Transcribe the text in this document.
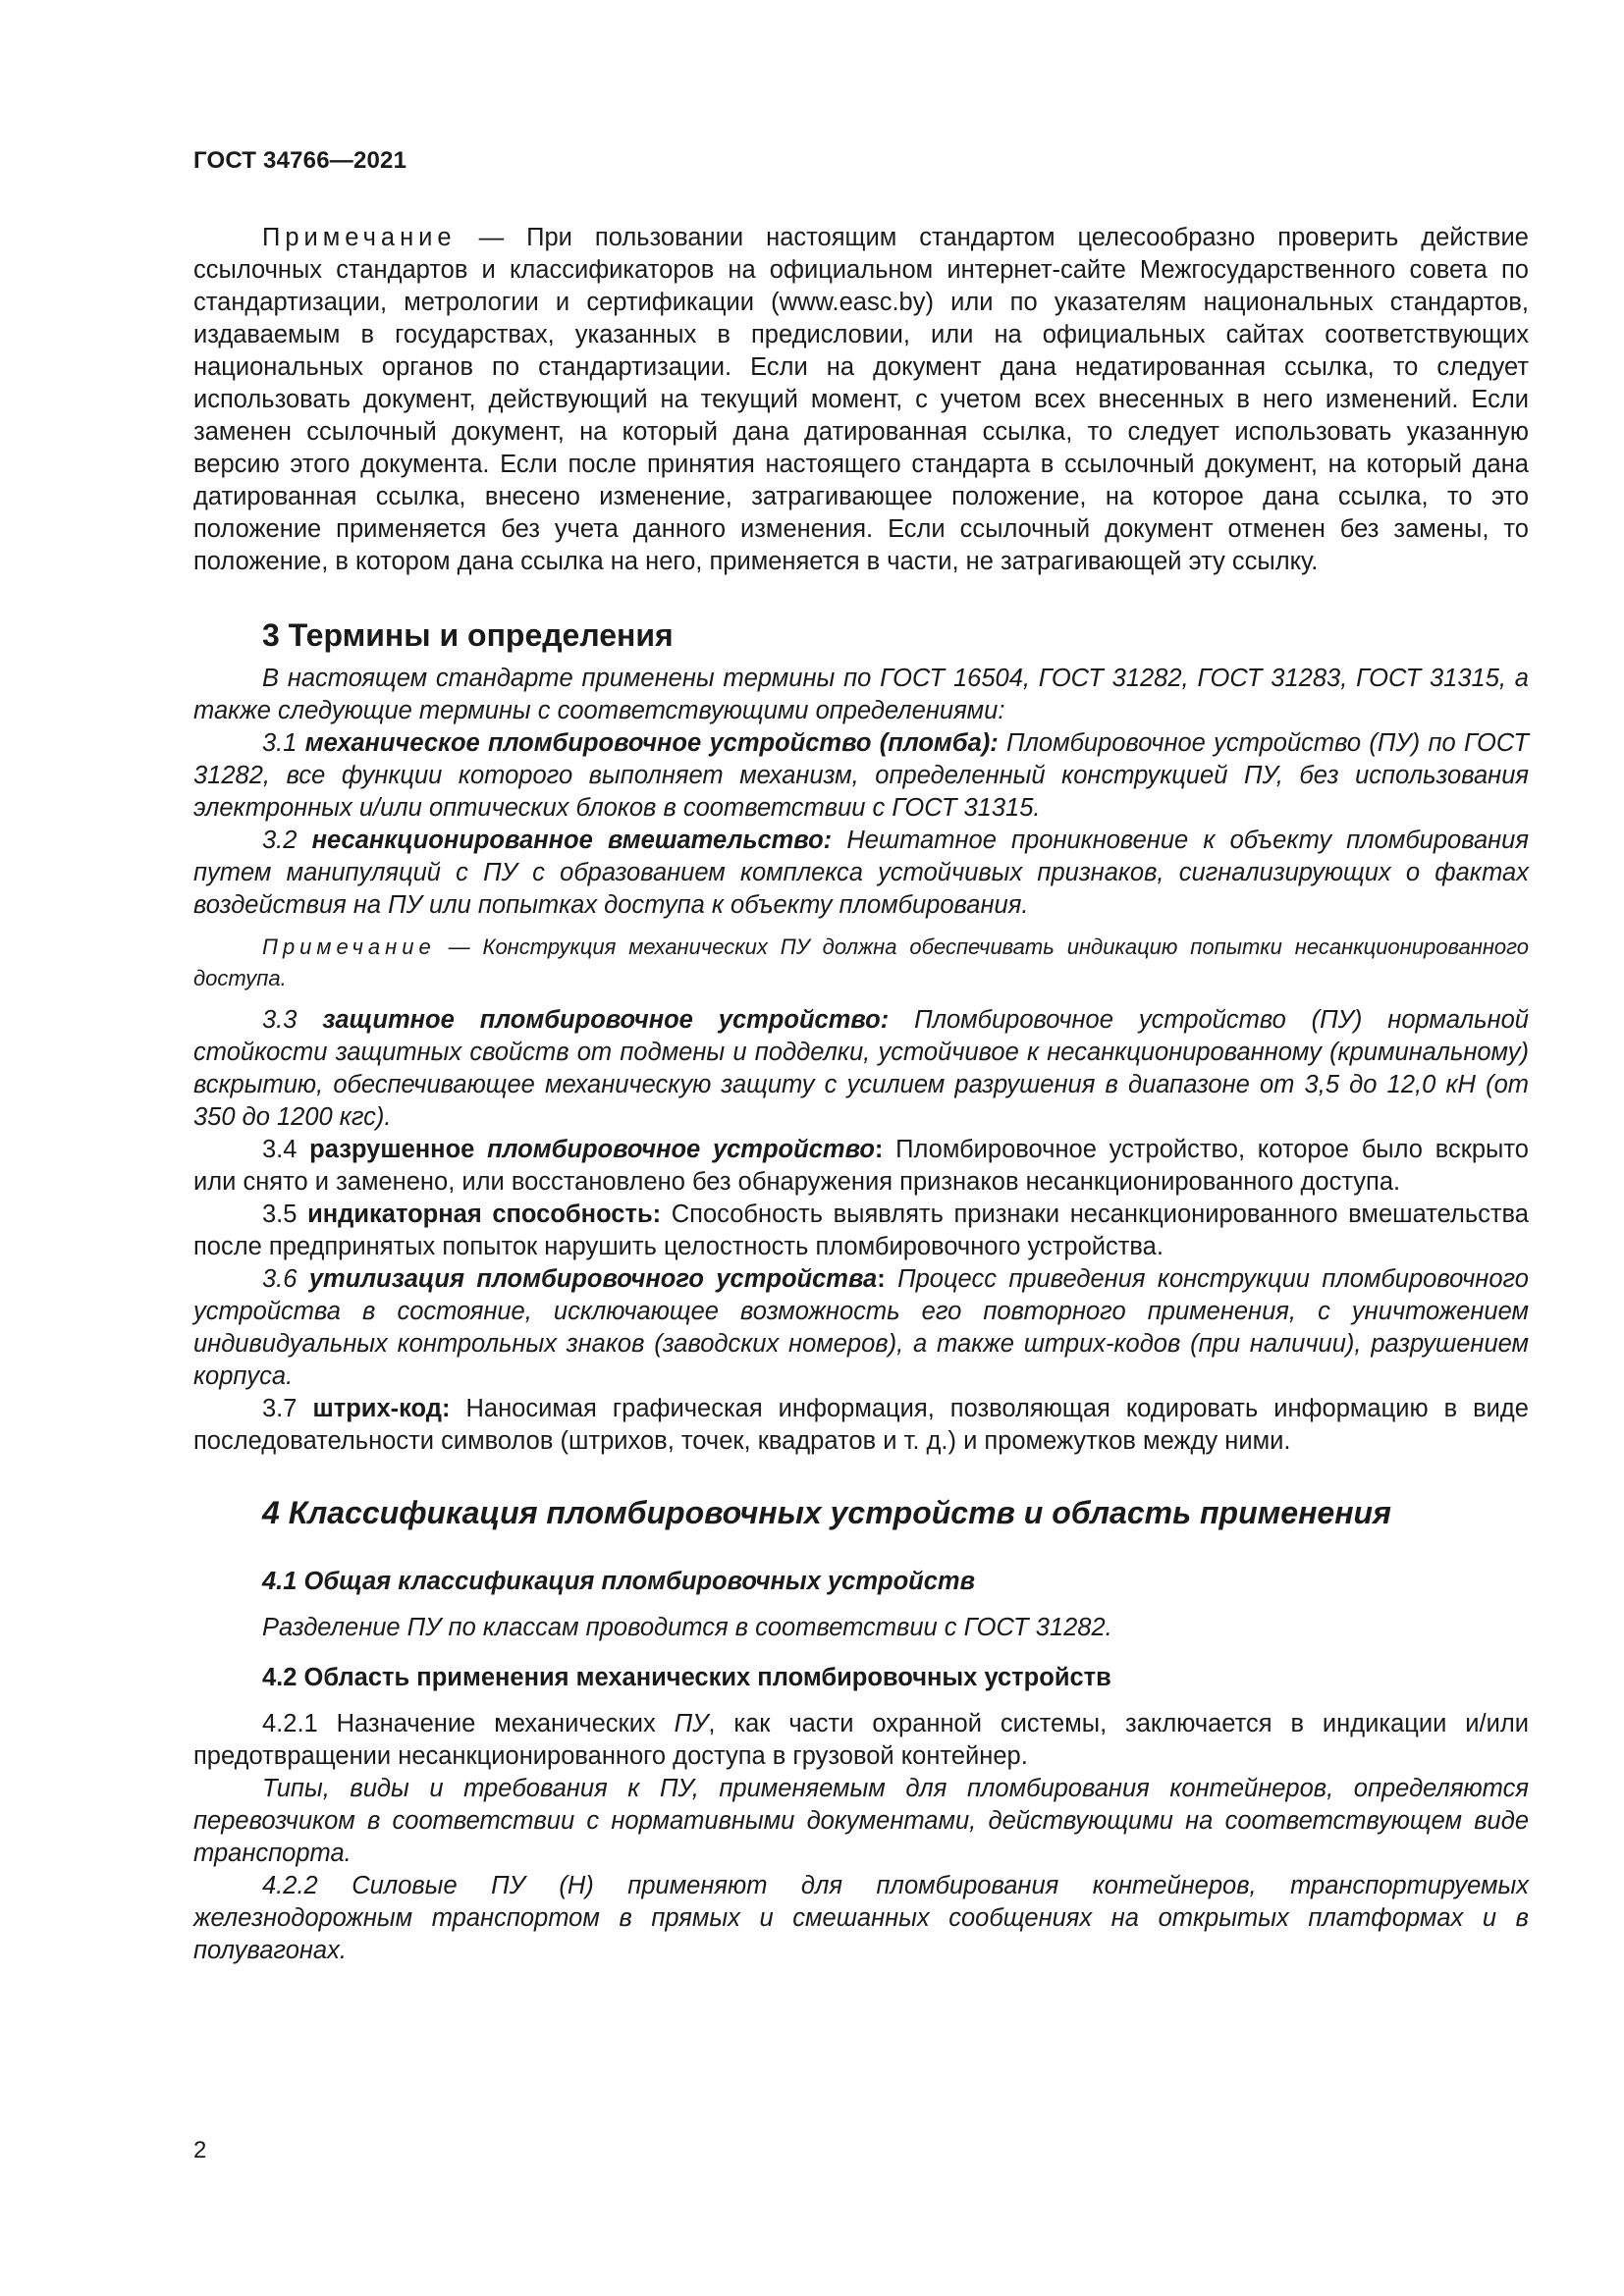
ГОСТ 34766—2021

Примечание — При пользовании настоящим стандартом целесообразно проверить действие ссылочных стандартов и классификаторов на официальном интернет-сайте Межгосударственного совета по стандартизации, метрологии и сертификации (www.easc.by) или по указателям национальных стандартов, издаваемым в государствах, указанных в предисловии, или на официальных сайтах соответствующих национальных органов по стандартизации. Если на документ дана недатированная ссылка, то следует использовать документ, действующий на текущий момент, с учетом всех внесенных в него изменений. Если заменен ссылочный документ, на который дана датированная ссылка, то следует использовать указанную версию этого документа. Если после принятия настоящего стандарта в ссылочный документ, на который дана датированная ссылка, внесено изменение, затрагивающее положение, на которое дана ссылка, то это положение применяется без учета данного изменения. Если ссылочный документ отменен без замены, то положение, в котором дана ссылка на него, применяется в части, не затрагивающей эту ссылку.

3 Термины и определения

В настоящем стандарте применены термины по ГОСТ 16504, ГОСТ 31282, ГОСТ 31283, ГОСТ 31315, а также следующие термины с соответствующими определениями:

3.1 механическое пломбировочное устройство (пломба): Пломбировочное устройство (ПУ) по ГОСТ 31282, все функции которого выполняет механизм, определенный конструкцией ПУ, без использования электронных и/или оптических блоков в соответствии с ГОСТ 31315.

3.2 несанкционированное вмешательство: Нештатное проникновение к объекту пломбирования путем манипуляций с ПУ с образованием комплекса устойчивых признаков, сигнализирующих о фактах воздействия на ПУ или попытках доступа к объекту пломбирования.

Примечание — Конструкция механических ПУ должна обеспечивать индикацию попытки несанкционированного доступа.

3.3 защитное пломбировочное устройство: Пломбировочное устройство (ПУ) нормальной стойкости защитных свойств от подмены и подделки, устойчивое к несанкционированному (криминальному) вскрытию, обеспечивающее механическую защиту с усилием разрушения в диапазоне от 3,5 до 12,0 кН (от 350 до 1200 кгс).

3.4 разрушенное пломбировочное устройство: Пломбировочное устройство, которое было вскрыто или снято и заменено, или восстановлено без обнаружения признаков несанкционированного доступа.

3.5 индикаторная способность: Способность выявлять признаки несанкционированного вмешательства после предпринятых попыток нарушить целостность пломбировочного устройства.

3.6 утилизация пломбировочного устройства: Процесс приведения конструкции пломбировочного устройства в состояние, исключающее возможность его повторного применения, с уничтожением индивидуальных контрольных знаков (заводских номеров), а также штрих-кодов (при наличии), разрушением корпуса.

3.7 штрих-код: Наносимая графическая информация, позволяющая кодировать информацию в виде последовательности символов (штрихов, точек, квадратов и т. д.) и промежутков между ними.

4 Классификация пломбировочных устройств и область применения
4.1 Общая классификация пломбировочных устройств

Разделение ПУ по классам проводится в соответствии с ГОСТ 31282.

4.2 Область применения механических пломбировочных устройств

4.2.1 Назначение механических ПУ, как части охранной системы, заключается в индикации и/или предотвращении несанкционированного доступа в грузовой контейнер.

Типы, виды и требования к ПУ, применяемым для пломбирования контейнеров, определяются перевозчиком в соответствии с нормативными документами, действующими на соответствующем виде транспорта.

4.2.2 Силовые ПУ (Н) применяют для пломбирования контейнеров, транспортируемых железнодорожным транспортом в прямых и смешанных сообщениях на открытых платформах и в полувагонах.

2
